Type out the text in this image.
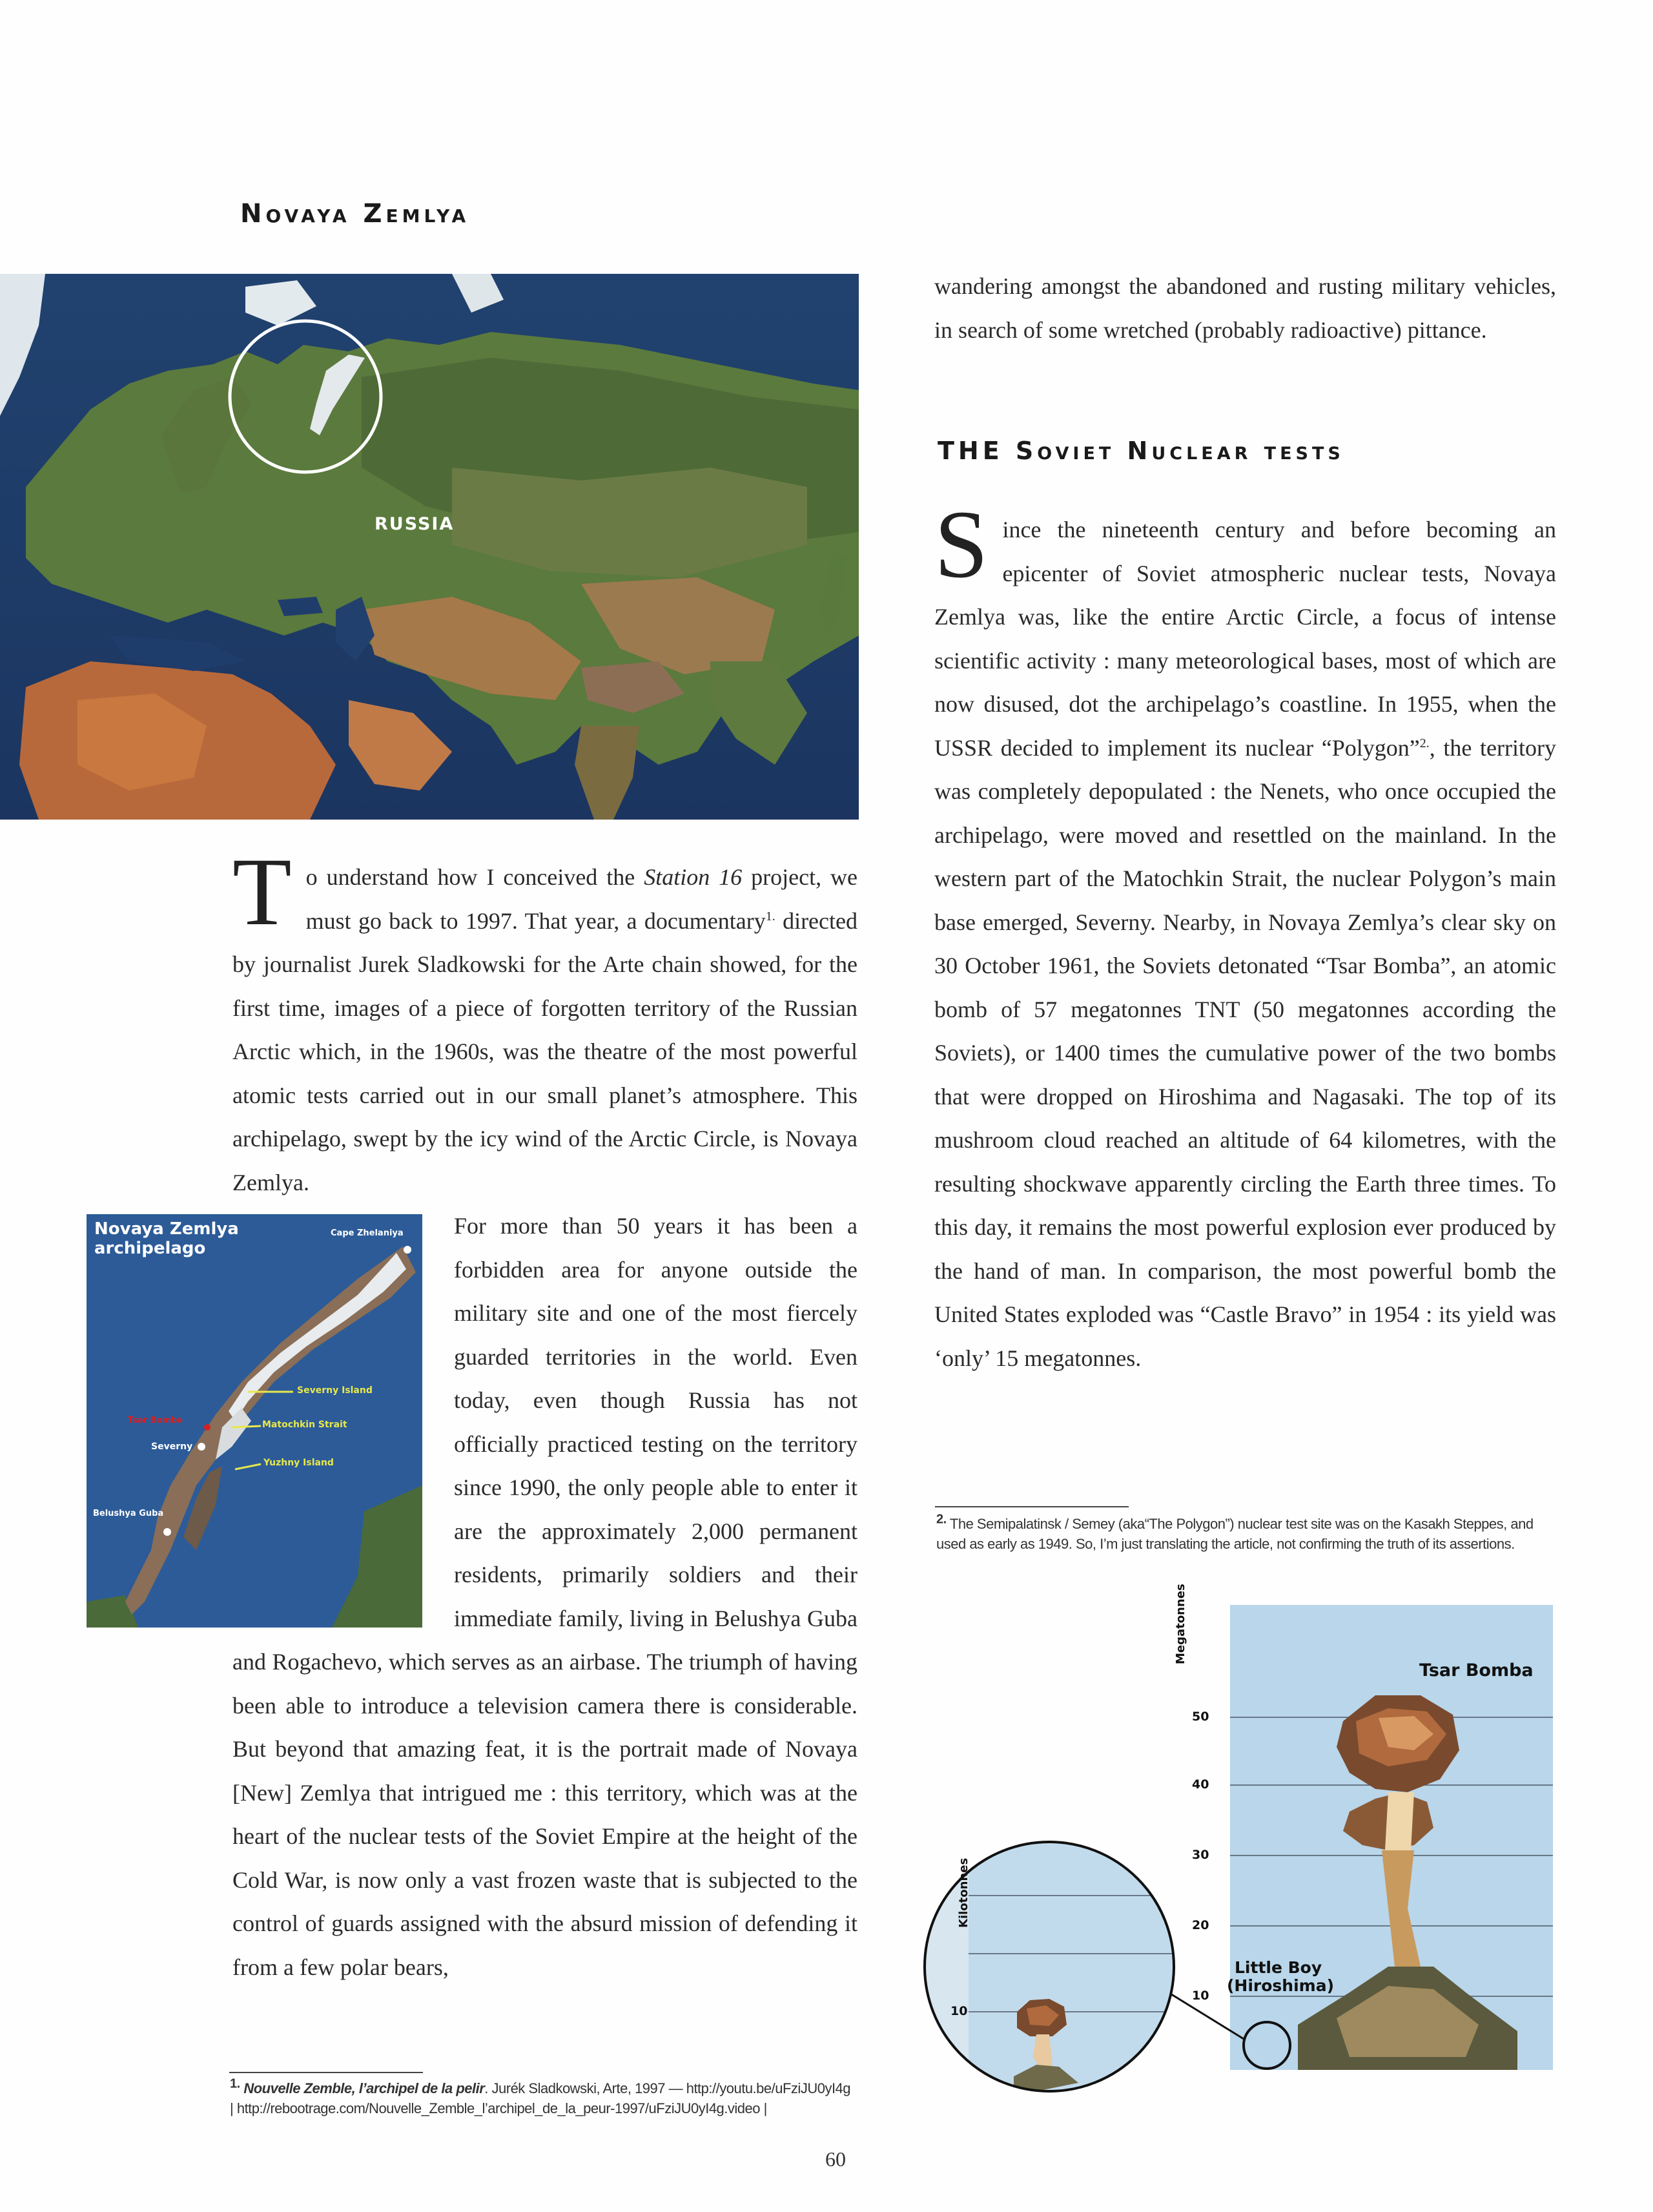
Novaya Zemlya
RUSSIA
T o understand how I conceived the Station 16 project, we must go back to 1997. That year, a documentary$^{1.}$ directed by journalist Jurek Sladkowski for the Arte chain showed, for the first time, images of a piece of forgotten territory of the Russian Arctic which, in the 1960s, was the theatre of the most powerful atomic tests carried out in our small planet’s atmosphere. This archipelago, swept by the icy wind of the Arctic Circle, is Novaya Zemlya.
Novaya Zemlya
archipelago
Cape Zhelaniya
Severny Island
Matochkin Strait
Tsar Bomba
Severny
Yuzhny Island
Belushya Guba

For more than 50 years it has been a forbidden area for anyone outside the military site and one of the most fiercely guarded territories in the world. Even today, even though Russia has not officially practiced testing on the territory since 1990, the only people able to enter it are the approximately 2,000 permanent residents, primarily soldiers and their immediate family, living in Belushya Guba and Rogachevo, which serves as an airbase. The triumph of having been able to introduce a television camera there is considerable. But beyond that amazing feat, it is the portrait made of Novaya [New] Zemlya that intrigued me : this territory, which was at the heart of the nuclear tests of the Soviet Empire at the height of the Cold War, is now only a vast frozen waste that is subjected to the control of guards assigned with the absurd mission of defending it from a few polar bears,

$^{1.}$ Nouvelle Zemble, l’archipel de la pelir. Jurék Sladkowski, Arte, 1997 — http://youtu.be/uFziJU0yI4g
| http://rebootrage.com/Nouvelle_Zemble_l’archipel_de_la_peur-1997/uFziJU0yI4g.video |

wandering amongst the abandoned and rusting military vehicles, in search of some wretched (probably radioactive) pittance.

THE Soviet Nuclear tests
S ince the nineteenth century and before becoming an epicenter of Soviet atmospheric nuclear tests, Novaya Zemlya was, like the entire Arctic Circle, a focus of intense scientific activity : many meteorological bases, most of which are now disused, dot the archipelago’s coastline. In 1955, when the USSR decided to implement its nuclear “Polygon”$^{2.}$, the territory was completely depopulated : the Nenets, who once occupied the archipelago, were moved and resettled on the mainland. In the western part of the Matochkin Strait, the nuclear Polygon’s main base emerged, Severny. Nearby, in Novaya Zemlya’s clear sky on 30 October 1961, the Soviets detonated “Tsar Bomba”, an atomic bomb of 57 megatonnes TNT (50 megatonnes according the Soviets), or 1400 times the cumulative power of the two bombs that were dropped on Hiroshima and Nagasaki. The top of its mushroom cloud reached an altitude of 64 kilometres, with the resulting shockwave apparently circling the Earth three times. To this day, it remains the most powerful explosion ever produced by the hand of man. In comparison, the most powerful bomb the United States exploded was “Castle Bravo” in 1954 : its yield was ‘only’ 15 megatonnes.
$^{2.}$ The Semipalatinsk / Semey (aka“The Polygon”) nuclear test site was on the Kasakh Steppes, and used as early as 1949. So, I’m just translating the article, not confirming the truth of its assertions.
Tsar Bomba
Megatonnes
Kilotonnes
50
40
30
20
10
10
Little Boy
(Hiroshima)
60
